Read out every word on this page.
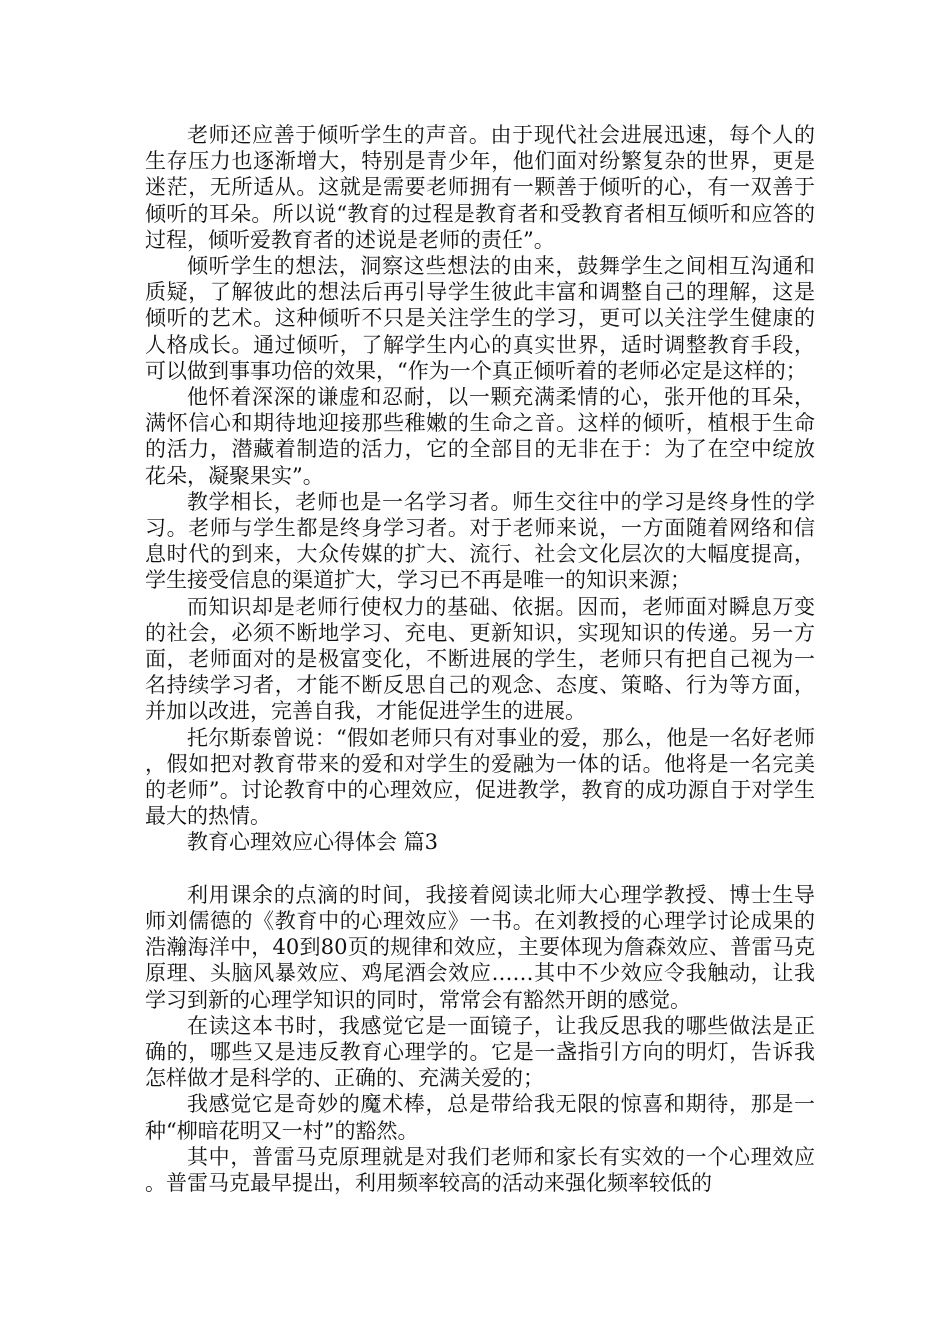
老师还应善于倾听学生的声音。由于现代社会进展迅速，每个人的生存压力也逐渐增大，特别是青少年，他们面对纷繁复杂的世界，更是迷茫，无所适从。这就是需要老师拥有一颗善于倾听的心，有一双善于倾听的耳朵。所以说“教育的过程是教育者和受教育者相互倾听和应答的过程，倾听爱教育者的述说是老师的责任”。

倾听学生的想法，洞察这些想法的由来，鼓舞学生之间相互沟通和质疑，了解彼此的想法后再引导学生彼此丰富和调整自己的理解，这是倾听的艺术。这种倾听不只是关注学生的学习，更可以关注学生健康的人格成长。通过倾听，了解学生内心的真实世界，适时调整教育手段，可以做到事事功倍的效果，“作为一个真正倾听着的老师必定是这样的；

他怀着深深的谦虚和忍耐，以一颗充满柔情的心，张开他的耳朵，满怀信心和期待地迎接那些稚嫩的生命之音。这样的倾听，植根于生命的活力，潜藏着制造的活力，它的全部目的无非在于：为了在空中绽放花朵，凝聚果实”。

教学相长，老师也是一名学习者。师生交往中的学习是终身性的学习。老师与学生都是终身学习者。对于老师来说，一方面随着网络和信息时代的到来，大众传媒的扩大、流行、社会文化层次的大幅度提高，学生接受信息的渠道扩大，学习已不再是唯一的知识来源；

而知识却是老师行使权力的基础、依据。因而，老师面对瞬息万变的社会，必须不断地学习、充电、更新知识，实现知识的传递。另一方面，老师面对的是极富变化，不断进展的学生，老师只有把自己视为一名持续学习者，才能不断反思自己的观念、态度、策略、行为等方面，并加以改进，完善自我，才能促进学生的进展。

托尔斯泰曾说：“假如老师只有对事业的爱，那么，他是一名好老师，假如把对教育带来的爱和对学生的爱融为一体的话。他将是一名完美的老师”。讨论教育中的心理效应，促进教学，教育的成功源自于对学生最大的热情。

教育心理效应心得体会 篇3

利用课余的点滴的时间，我接着阅读北师大心理学教授、博士生导师刘儒德的《教育中的心理效应》一书。在刘教授的心理学讨论成果的浩瀚海洋中，40到80页的规律和效应，主要体现为詹森效应、普雷马克原理、头脑风暴效应、鸡尾酒会效应……其中不少效应令我触动，让我学习到新的心理学知识的同时，常常会有豁然开朗的感觉。

在读这本书时，我感觉它是一面镜子，让我反思我的哪些做法是正确的，哪些又是违反教育心理学的。它是一盏指引方向的明灯，告诉我怎样做才是科学的、正确的、充满关爱的；

我感觉它是奇妙的魔术棒，总是带给我无限的惊喜和期待，那是一种“柳暗花明又一村”的豁然。

其中，普雷马克原理就是对我们老师和家长有实效的一个心理效应。普雷马克最早提出，利用频率较高的活动来强化频率较低的
